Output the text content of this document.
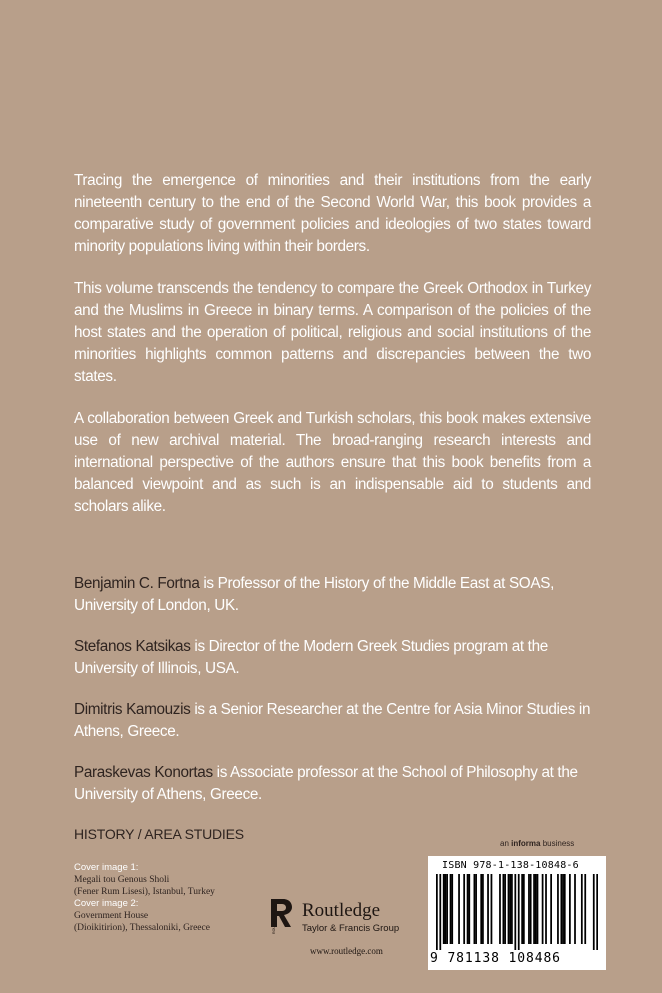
Tracing the emergence of minorities and their institutions from the early nineteenth century to the end of the Second World War, this book provides a comparative study of government policies and ideologies of two states toward minority populations living within their borders.

This volume transcends the tendency to compare the Greek Orthodox in Turkey and the Muslims in Greece in binary terms. A comparison of the policies of the host states and the operation of political, religious and social institutions of the minorities highlights common patterns and discrepancies between the two states.

A collaboration between Greek and Turkish scholars, this book makes extensive use of new archival material. The broad-ranging research interests and international perspective of the authors ensure that this book benefits from a balanced viewpoint and as such is an indispensable aid to students and scholars alike.

Benjamin C. Fortna is Professor of the History of the Middle East at SOAS, University of London, UK.
Stefanos Katsikas is Director of the Modern Greek Studies program at the University of Illinois, USA.
Dimitris Kamouzis is a Senior Researcher at the Centre for Asia Minor Studies in Athens, Greece.
Paraskevas Konortas is Associate professor at the School of Philosophy at the University of Athens, Greece.
HISTORY / AREA STUDIES
an informa business
Cover image 1:
Megali tou Genous Sholi
(Fener Rum Lisesi), Istanbul, Turkey
Cover image 2:
Government House
(Dioikitirion), Thessaloniki, Greece	ROUTLEDGE
Routledge
Taylor & Francis Group
www.routledge.com
ISBN 978-1-138-10848-6
9 781138 108486
